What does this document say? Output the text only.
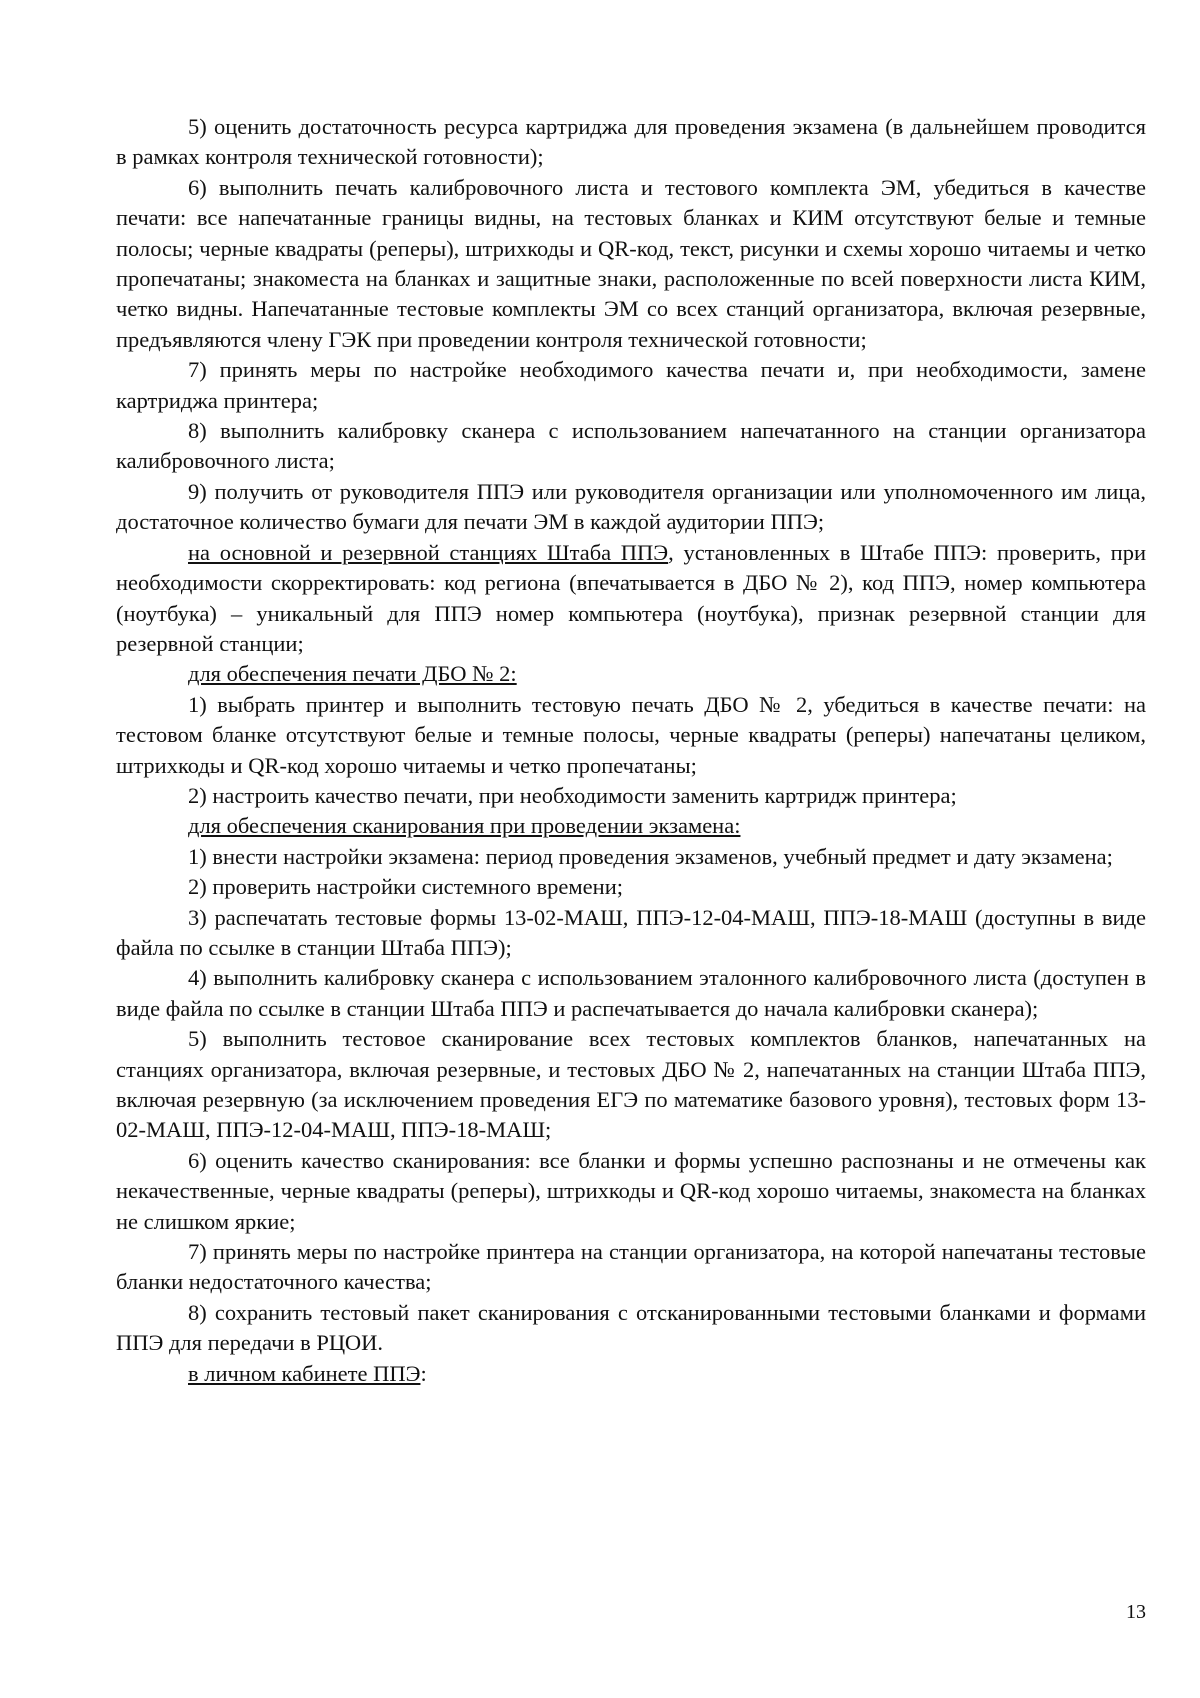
5) оценить достаточность ресурса картриджа для проведения экзамена (в дальнейшем проводится в рамках контроля технической готовности);

6) выполнить печать калибровочного листа и тестового комплекта ЭМ, убедиться в качестве печати: все напечатанные границы видны, на тестовых бланках и КИМ отсутствуют белые и темные полосы; черные квадраты (реперы), штрихкоды и QR-код, текст, рисунки и схемы хорошо читаемы и четко пропечатаны; знакоместа на бланках и защитные знаки, расположенные по всей поверхности листа КИМ, четко видны. Напечатанные тестовые комплекты ЭМ со всех станций организатора, включая резервные, предъявляются члену ГЭК при проведении контроля технической готовности;

7) принять меры по настройке необходимого качества печати и, при необходимости, замене картриджа принтера;

8) выполнить калибровку сканера с использованием напечатанного на станции организатора калибровочного листа;

9) получить от руководителя ППЭ или руководителя организации или уполномоченного им лица, достаточное количество бумаги для печати ЭМ в каждой аудитории ППЭ;

на основной и резервной станциях Штаба ППЭ, установленных в Штабе ППЭ: проверить, при необходимости скорректировать: код региона (впечатывается в ДБО № 2), код ППЭ, номер компьютера (ноутбука) – уникальный для ППЭ номер компьютера (ноутбука), признак резервной станции для резервной станции;

для обеспечения печати ДБО № 2:

1) выбрать принтер и выполнить тестовую печать ДБО № 2, убедиться в качестве печати: на тестовом бланке отсутствуют белые и темные полосы, черные квадраты (реперы) напечатаны целиком, штрихкоды и QR-код хорошо читаемы и четко пропечатаны;

2) настроить качество печати, при необходимости заменить картридж принтера;

для обеспечения сканирования при проведении экзамена:

1) внести настройки экзамена: период проведения экзаменов, учебный предмет и дату экзамена;

2) проверить настройки системного времени;

3) распечатать тестовые формы 13-02-МАШ, ППЭ-12-04-МАШ, ППЭ-18-МАШ (доступны в виде файла по ссылке в станции Штаба ППЭ);

4) выполнить калибровку сканера с использованием эталонного калибровочного листа (доступен в виде файла по ссылке в станции Штаба ППЭ и распечатывается до начала калибровки сканера);

5) выполнить тестовое сканирование всех тестовых комплектов бланков, напечатанных на станциях организатора, включая резервные, и тестовых ДБО № 2, напечатанных на станции Штаба ППЭ, включая резервную (за исключением проведения ЕГЭ по математике базового уровня), тестовых форм 13-02-МАШ, ППЭ-12-04-МАШ, ППЭ-18-МАШ;

6) оценить качество сканирования: все бланки и формы успешно распознаны и не отмечены как некачественные, черные квадраты (реперы), штрихкоды и QR-код хорошо читаемы, знакоместа на бланках не слишком яркие;

7) принять меры по настройке принтера на станции организатора, на которой напечатаны тестовые бланки недостаточного качества;

8) сохранить тестовый пакет сканирования с отсканированными тестовыми бланками и формами ППЭ для передачи в РЦОИ.

в личном кабинете ППЭ:

13
